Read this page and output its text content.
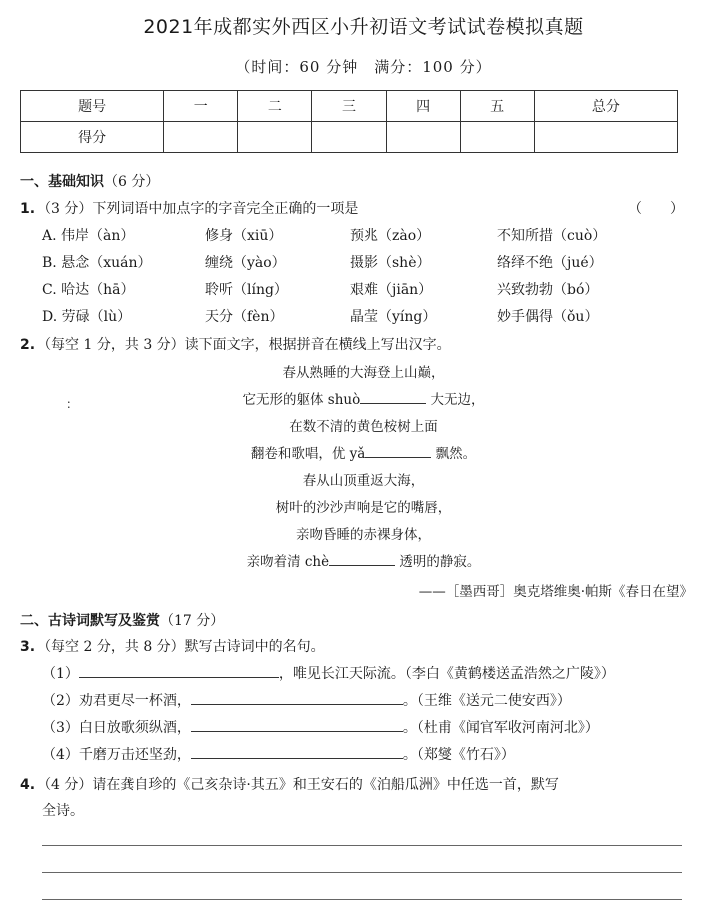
2021年成都实外西区小升初语文考试试卷模拟真题
（时间：60 分钟　满分：100 分）
题号	一	二	三	四	五	总分
得分						
一、基础知识（6 分）
1. （3 分）下列词语中加点字的字音完全正确的一项是	（　　）
A. 伟岸（àn）	修身（xiū）	预兆（zào）	不知所措（cuò）
B. 悬念（xuán）	缠绕（yào）	摄影（shè）	络绎不绝（jué）
C. 哈达（hā）	聆听（líng）	艰难（jiān）	兴致勃勃（bó）
D. 劳碌（lù）	天分（fèn）	晶莹（yíng）	妙手偶得（ǒu）
2. （每空 1 分，共 3 分）读下面文字，根据拼音在横线上写出汉字。
：
春从熟睡的大海登上山巅，
它无形的躯体 shuò	大无边，
在数不清的黄色桉树上面
翻卷和歌唱，优 yǎ	飘然。
春从山顶重返大海，
树叶的沙沙声响是它的嘴唇，
亲吻昏睡的赤裸身体，
亲吻着清 chè	透明的静寂。
——［墨西哥］奥克塔维奥·帕斯《春日在望》
二、古诗词默写及鉴赏（17 分）
3. （每空 2 分，共 8 分）默写古诗词中的名句。
（1）	，唯见长江天际流。（李白《黄鹤楼送孟浩然之广陵》）
（2）劝君更尽一杯酒，	。（王维《送元二使安西》）
（3）白日放歌须纵酒，	。（杜甫《闻官军收河南河北》）
（4）千磨万击还坚劲，	。（郑燮《竹石》）
4. （4 分）请在龚自珍的《己亥杂诗·其五》和王安石的《泊船瓜洲》中任选一首，默写
全诗。
